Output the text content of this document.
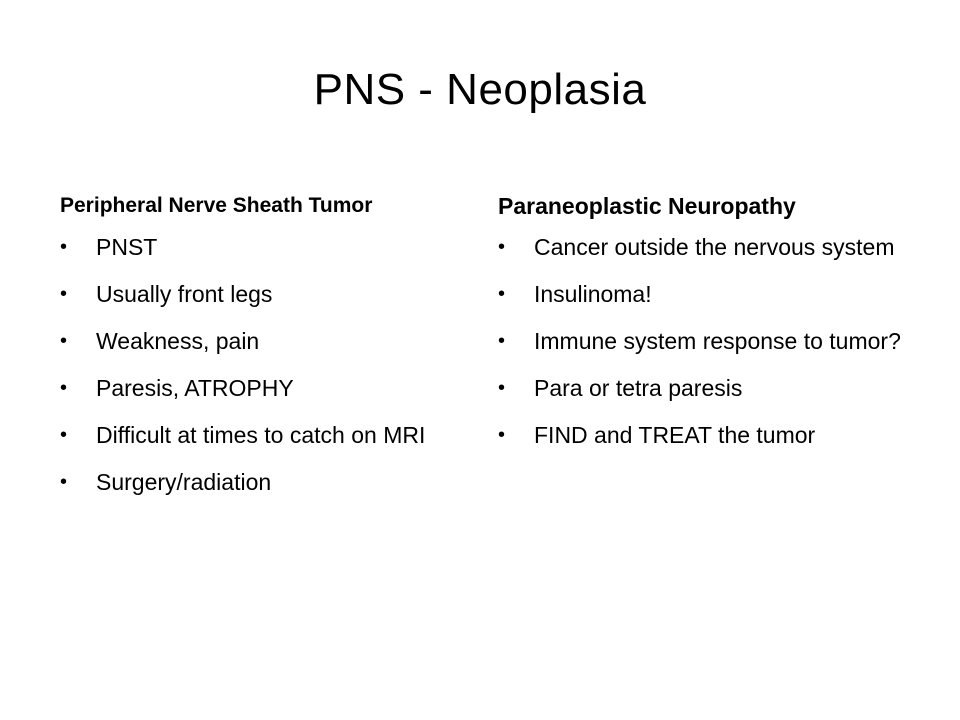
PNS - Neoplasia
Peripheral Nerve Sheath Tumor
•	PNST
•	Usually front legs
•	Weakness, pain
•	Paresis, ATROPHY
•	Difficult at times to catch on MRI
•	Surgery/radiation
Paraneoplastic Neuropathy
•	Cancer outside the nervous system
•	Insulinoma!
•	Immune system response to tumor?
•	Para or tetra paresis
•	FIND and TREAT the tumor
